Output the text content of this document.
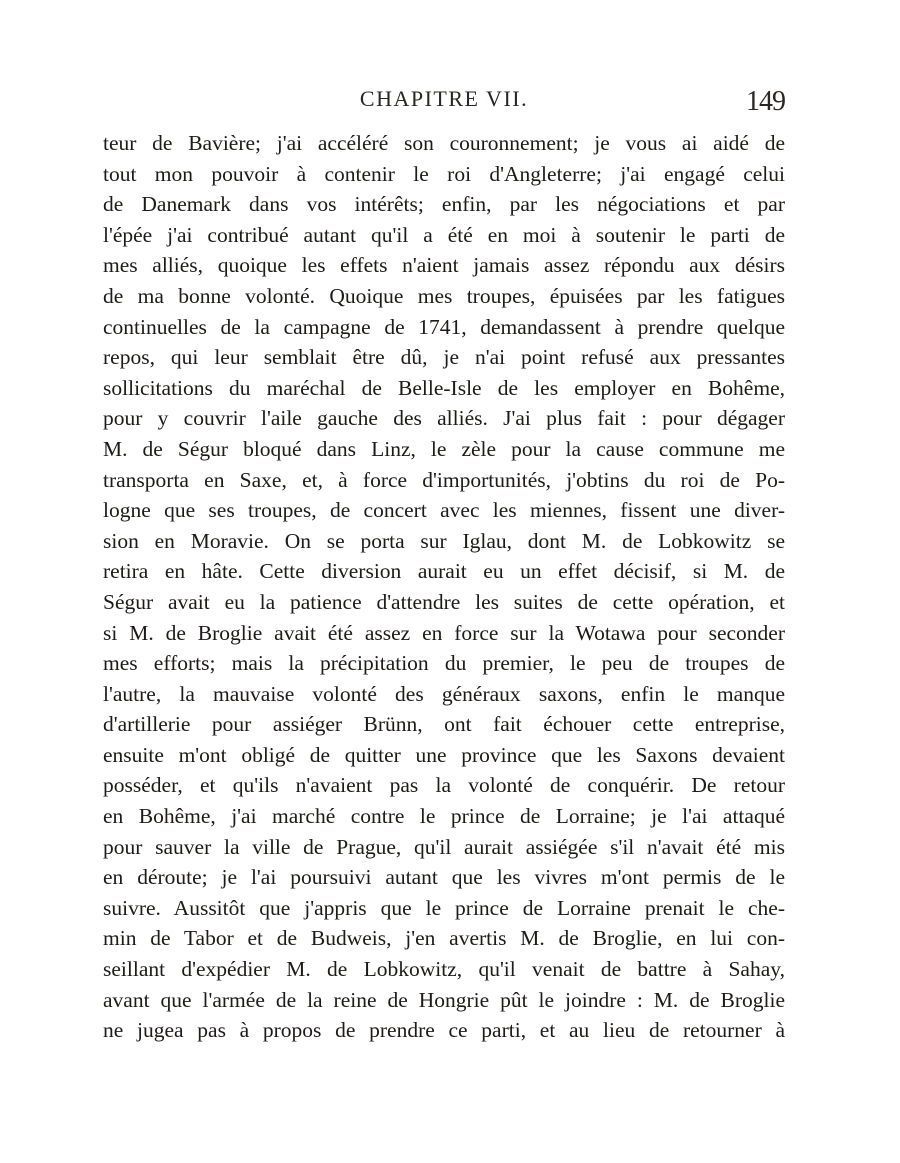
CHAPITRE VII.	149
teur de Bavière; j'ai accéléré son couronnement; je vous ai aidé de
tout mon pouvoir à contenir le roi d'Angleterre; j'ai engagé celui
de Danemark dans vos intérêts; enfin, par les négociations et par
l'épée j'ai contribué autant qu'il a été en moi à soutenir le parti de
mes alliés, quoique les effets n'aient jamais assez répondu aux désirs
de ma bonne volonté. Quoique mes troupes, épuisées par les fatigues
continuelles de la campagne de 1741, demandassent à prendre quelque
repos, qui leur semblait être dû, je n'ai point refusé aux pressantes
sollicitations du maréchal de Belle-Isle de les employer en Bohême,
pour y couvrir l'aile gauche des alliés. J'ai plus fait : pour dégager
M. de Ségur bloqué dans Linz, le zèle pour la cause commune me
transporta en Saxe, et, à force d'importunités, j'obtins du roi de Po-
logne que ses troupes, de concert avec les miennes, fissent une diver-
sion en Moravie. On se porta sur Iglau, dont M. de Lobkowitz se
retira en hâte. Cette diversion aurait eu un effet décisif, si M. de
Ségur avait eu la patience d'attendre les suites de cette opération, et
si M. de Broglie avait été assez en force sur la Wotawa pour seconder
mes efforts; mais la précipitation du premier, le peu de troupes de
l'autre, la mauvaise volonté des généraux saxons, enfin le manque
d'artillerie pour assiéger Brünn, ont fait échouer cette entreprise,
ensuite m'ont obligé de quitter une province que les Saxons devaient
posséder, et qu'ils n'avaient pas la volonté de conquérir. De retour
en Bohême, j'ai marché contre le prince de Lorraine; je l'ai attaqué
pour sauver la ville de Prague, qu'il aurait assiégée s'il n'avait été mis
en déroute; je l'ai poursuivi autant que les vivres m'ont permis de le
suivre. Aussitôt que j'appris que le prince de Lorraine prenait le che-
min de Tabor et de Budweis, j'en avertis M. de Broglie, en lui con-
seillant d'expédier M. de Lobkowitz, qu'il venait de battre à Sahay,
avant que l'armée de la reine de Hongrie pût le joindre : M. de Broglie
ne jugea pas à propos de prendre ce parti, et au lieu de retourner à
